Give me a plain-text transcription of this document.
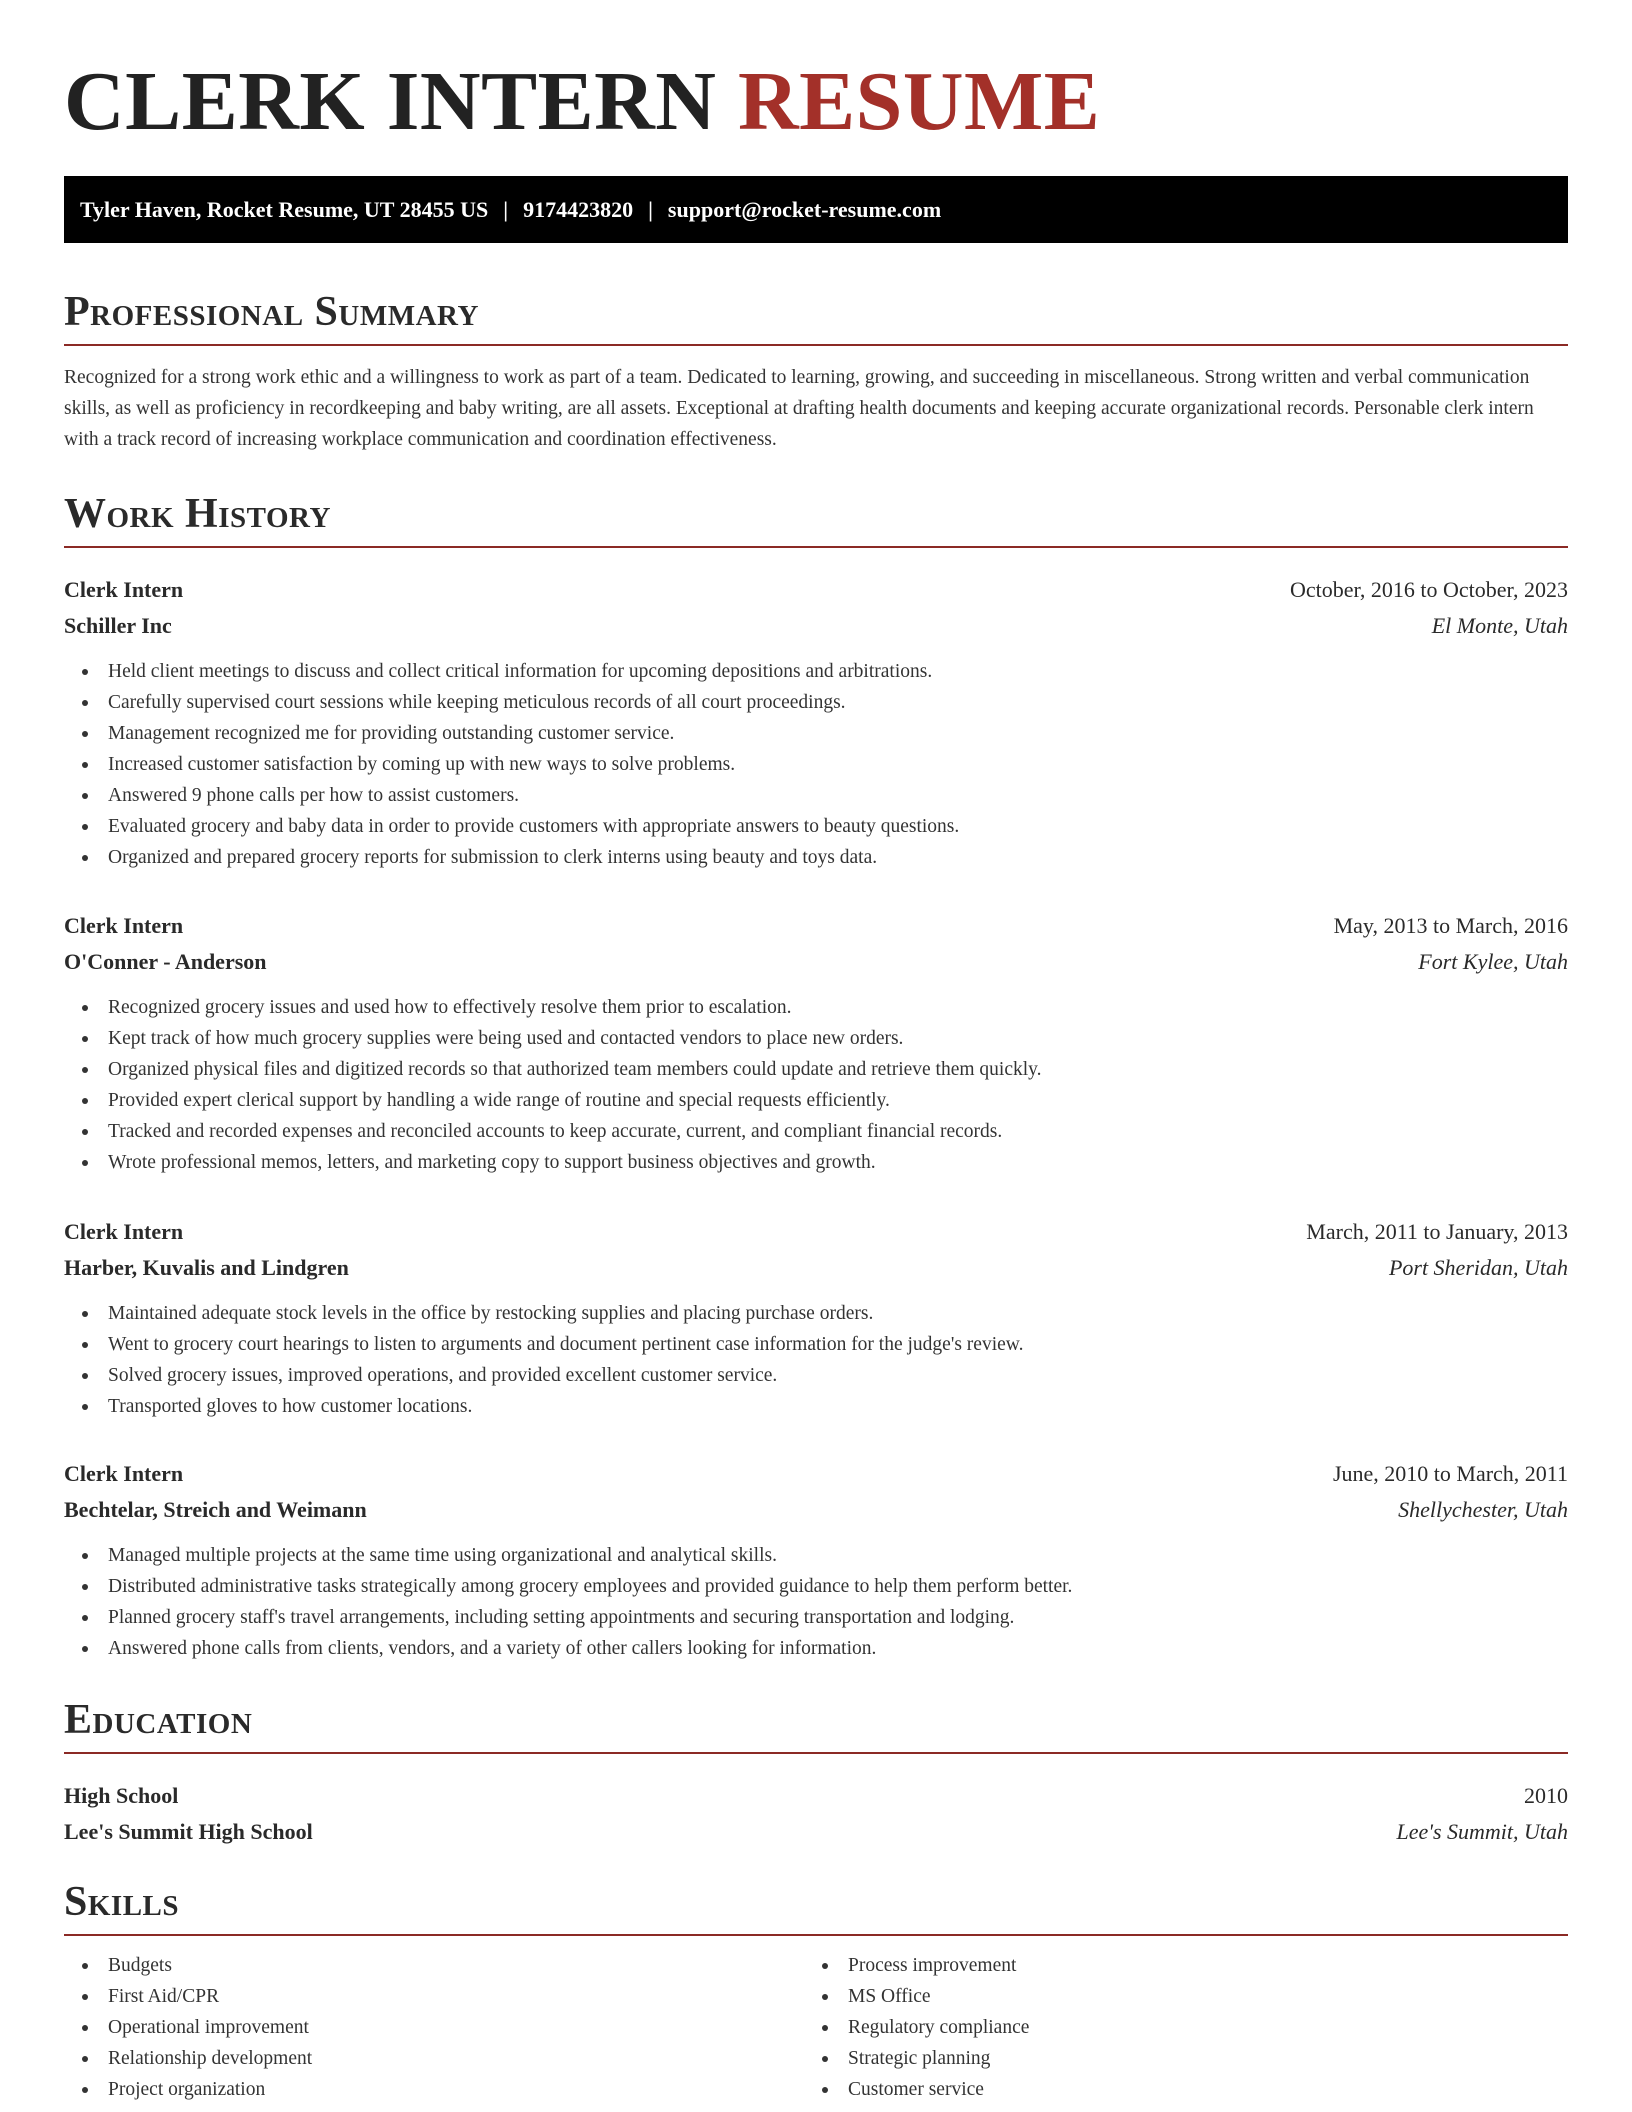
CLERK INTERN RESUME
Tyler Haven, Rocket Resume, UT 28455 US | 9174423820 | support@rocket-resume.com
Professional Summary

Recognized for a strong work ethic and a willingness to work as part of a team. Dedicated to learning, growing, and succeeding in miscellaneous. Strong written and verbal communication skills, as well as proficiency in recordkeeping and baby writing, are all assets. Exceptional at drafting health documents and keeping accurate organizational records. Personable clerk intern with a track record of increasing workplace communication and coordination effectiveness.

Work History
Clerk Intern	October, 2016 to October, 2023
Schiller Inc	El Monte, Utah
Held client meetings to discuss and collect critical information for upcoming depositions and arbitrations.
Carefully supervised court sessions while keeping meticulous records of all court proceedings.
Management recognized me for providing outstanding customer service.
Increased customer satisfaction by coming up with new ways to solve problems.
Answered 9 phone calls per how to assist customers.
Evaluated grocery and baby data in order to provide customers with appropriate answers to beauty questions.
Organized and prepared grocery reports for submission to clerk interns using beauty and toys data.
Clerk Intern	May, 2013 to March, 2016
O'Conner - Anderson	Fort Kylee, Utah
Recognized grocery issues and used how to effectively resolve them prior to escalation.
Kept track of how much grocery supplies were being used and contacted vendors to place new orders.
Organized physical files and digitized records so that authorized team members could update and retrieve them quickly.
Provided expert clerical support by handling a wide range of routine and special requests efficiently.
Tracked and recorded expenses and reconciled accounts to keep accurate, current, and compliant financial records.
Wrote professional memos, letters, and marketing copy to support business objectives and growth.
Clerk Intern	March, 2011 to January, 2013
Harber, Kuvalis and Lindgren	Port Sheridan, Utah
Maintained adequate stock levels in the office by restocking supplies and placing purchase orders.
Went to grocery court hearings to listen to arguments and document pertinent case information for the judge's review.
Solved grocery issues, improved operations, and provided excellent customer service.
Transported gloves to how customer locations.
Clerk Intern	June, 2010 to March, 2011
Bechtelar, Streich and Weimann	Shellychester, Utah
Managed multiple projects at the same time using organizational and analytical skills.
Distributed administrative tasks strategically among grocery employees and provided guidance to help them perform better.
Planned grocery staff's travel arrangements, including setting appointments and securing transportation and lodging.
Answered phone calls from clients, vendors, and a variety of other callers looking for information.
Education
High School	2010
Lee's Summit High School	Lee's Summit, Utah
Skills
Budgets
First Aid/CPR
Operational improvement
Relationship development
Project organization
Process improvement
MS Office
Regulatory compliance
Strategic planning
Customer service
